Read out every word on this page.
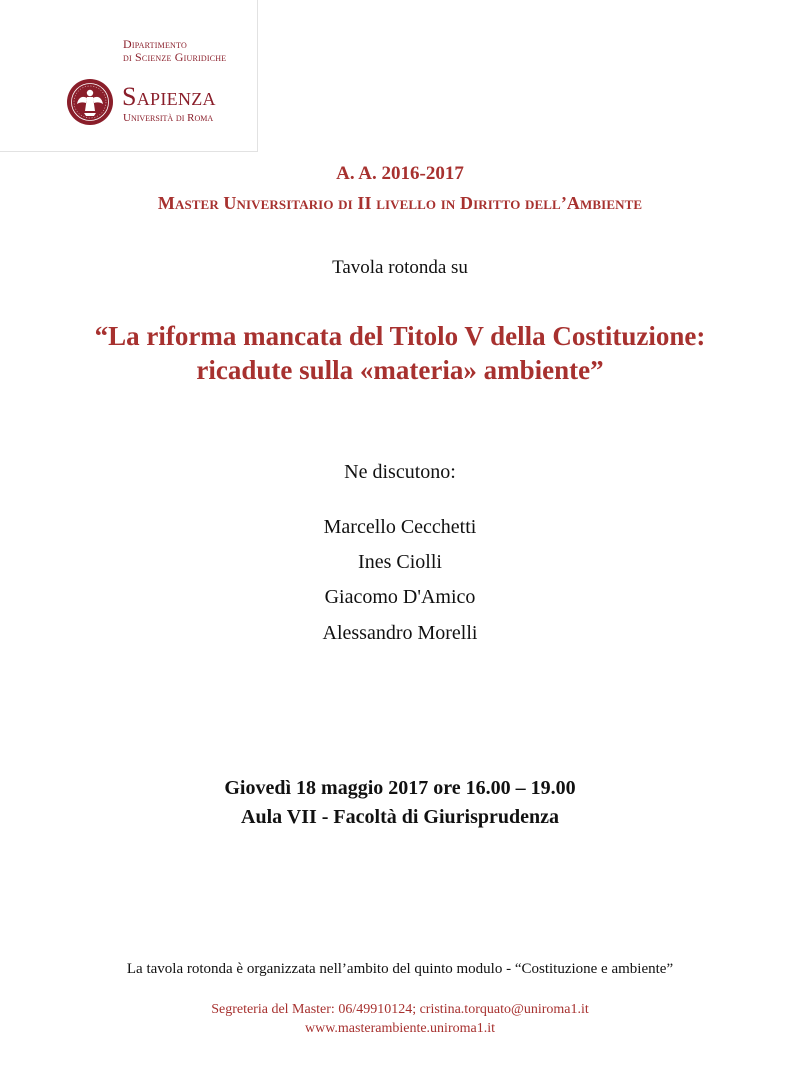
Dipartimento
di Scienze Giuridiche
Sapienza
Università di Roma
A. A. 2016-2017
Master Universitario di II livello in Diritto dell’Ambiente
Tavola rotonda su
“La riforma mancata del Titolo V della Costituzione:
ricadute sulla «materia» ambiente”
Ne discutono:
Marcello Cecchetti
Ines Ciolli
Giacomo D'Amico
Alessandro Morelli
Giovedì 18 maggio 2017 ore 16.00 – 19.00
Aula VII - Facoltà di Giurisprudenza
La tavola rotonda è organizzata nell’ambito del quinto modulo - “Costituzione e ambiente”
Segreteria del Master: 06/49910124; cristina.torquato@uniroma1.it
www.masterambiente.uniroma1.it
